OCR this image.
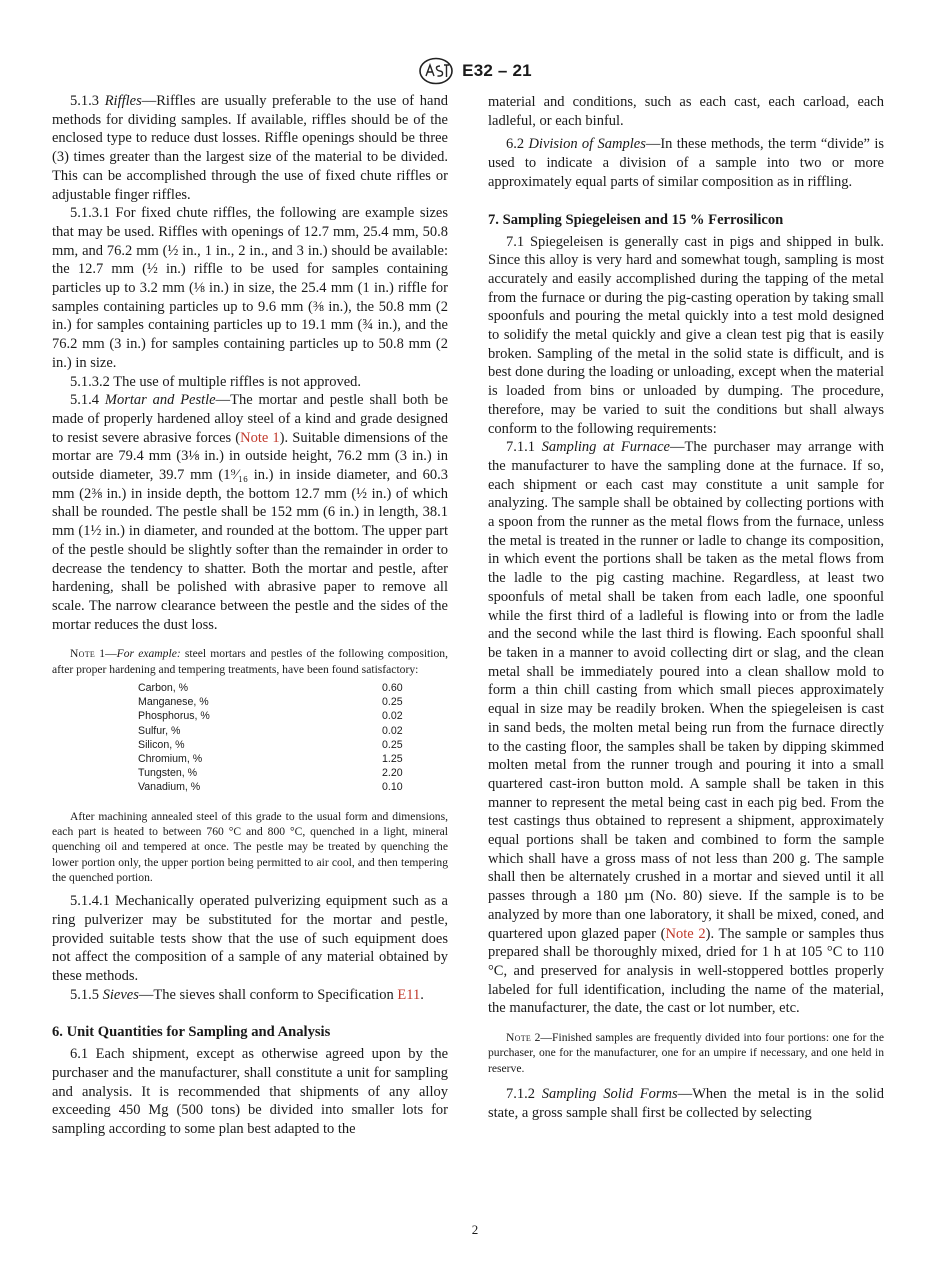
E32 – 21

5.1.3 Riffles—Riffles are usually preferable to the use of hand methods for dividing samples. If available, riffles should be of the enclosed type to reduce dust losses. Riffle openings should be three (3) times greater than the largest size of the material to be divided. This can be accomplished through the use of fixed chute riffles or adjustable finger riffles.

5.1.3.1 For fixed chute riffles, the following are example sizes that may be used. Riffles with openings of 12.7 mm, 25.4 mm, 50.8 mm, and 76.2 mm (½ in., 1 in., 2 in., and 3 in.) should be available: the 12.7 mm (½ in.) riffle to be used for samples containing particles up to 3.2 mm (⅛ in.) in size, the 25.4 mm (1 in.) riffle for samples containing particles up to 9.6 mm (⅜ in.), the 50.8 mm (2 in.) for samples containing particles up to 19.1 mm (¾ in.), and the 76.2 mm (3 in.) for samples containing particles up to 50.8 mm (2 in.) in size.

5.1.3.2 The use of multiple riffles is not approved.

5.1.4 Mortar and Pestle—The mortar and pestle shall both be made of properly hardened alloy steel of a kind and grade designed to resist severe abrasive forces (Note 1). Suitable dimensions of the mortar are 79.4 mm (3⅛ in.) in outside height, 76.2 mm (3 in.) in outside diameter, 39.7 mm (1⁹⁄₁₆ in.) in inside diameter, and 60.3 mm (2⅜ in.) in inside depth, the bottom 12.7 mm (½ in.) of which shall be rounded. The pestle shall be 152 mm (6 in.) in length, 38.1 mm (1½ in.) in diameter, and rounded at the bottom. The upper part of the pestle should be slightly softer than the remainder in order to decrease the tendency to shatter. Both the mortar and pestle, after hardening, shall be polished with abrasive paper to remove all scale. The narrow clearance between the pestle and the sides of the mortar reduces the dust loss.

Note 1—For example: steel mortars and pestles of the following composition, after proper hardening and tempering treatments, have been found satisfactory:

Carbon, %	0.60
Manganese, %	0.25
Phosphorus, %	0.02
Sulfur, %	0.02
Silicon, %	0.25
Chromium, %	1.25
Tungsten, %	2.20
Vanadium, %	0.10

After machining annealed steel of this grade to the usual form and dimensions, each part is heated to between 760 °C and 800 °C, quenched in a light, mineral quenching oil and tempered at once. The pestle may be treated by quenching the lower portion only, the upper portion being permitted to air cool, and then tempering the quenched portion.

5.1.4.1 Mechanically operated pulverizing equipment such as a ring pulverizer may be substituted for the mortar and pestle, provided suitable tests show that the use of such equipment does not affect the composition of a sample of any material obtained by these methods.

5.1.5 Sieves—The sieves shall conform to Specification E11.

6. Unit Quantities for Sampling and Analysis

6.1 Each shipment, except as otherwise agreed upon by the purchaser and the manufacturer, shall constitute a unit for sampling and analysis. It is recommended that shipments of any alloy exceeding 450 Mg (500 tons) be divided into smaller lots for sampling according to some plan best adapted to the

material and conditions, such as each cast, each carload, each ladleful, or each binful.

6.2 Division of Samples—In these methods, the term “divide” is used to indicate a division of a sample into two or more approximately equal parts of similar composition as in riffling.

7. Sampling Spiegeleisen and 15 % Ferrosilicon

7.1 Spiegeleisen is generally cast in pigs and shipped in bulk. Since this alloy is very hard and somewhat tough, sampling is most accurately and easily accomplished during the tapping of the metal from the furnace or during the pig-casting operation by taking small spoonfuls and pouring the metal quickly into a test mold designed to solidify the metal quickly and give a clean test pig that is easily broken. Sampling of the metal in the solid state is difficult, and is best done during the loading or unloading, except when the material is loaded from bins or unloaded by dumping. The procedure, therefore, may be varied to suit the conditions but shall always conform to the following requirements:

7.1.1 Sampling at Furnace—The purchaser may arrange with the manufacturer to have the sampling done at the furnace. If so, each shipment or each cast may constitute a unit sample for analyzing. The sample shall be obtained by collecting portions with a spoon from the runner as the metal flows from the furnace, unless the metal is treated in the runner or ladle to change its composition, in which event the portions shall be taken as the metal flows from the ladle to the pig casting machine. Regardless, at least two spoonfuls of metal shall be taken from each ladle, one spoonful while the first third of a ladleful is flowing into or from the ladle and the second while the last third is flowing. Each spoonful shall be taken in a manner to avoid collecting dirt or slag, and the clean metal shall be immediately poured into a clean shallow mold to form a thin chill casting from which small pieces approximately equal in size may be readily broken. When the spiegeleisen is cast in sand beds, the molten metal being run from the furnace directly to the casting floor, the samples shall be taken by dipping skimmed molten metal from the runner trough and pouring it into a small quartered cast-iron button mold. A sample shall be taken in this manner to represent the metal being cast in each pig bed. From the test castings thus obtained to represent a shipment, approximately equal portions shall be taken and combined to form the sample which shall have a gross mass of not less than 200 g. The sample shall then be alternately crushed in a mortar and sieved until it all passes through a 180 µm (No. 80) sieve. If the sample is to be analyzed by more than one laboratory, it shall be mixed, coned, and quartered upon glazed paper (Note 2). The sample or samples thus prepared shall be thoroughly mixed, dried for 1 h at 105 °C to 110 °C, and preserved for analysis in well-stoppered bottles properly labeled for full identification, including the name of the material, the manufacturer, the date, the cast or lot number, etc.

Note 2—Finished samples are frequently divided into four portions: one for the purchaser, one for the manufacturer, one for an umpire if necessary, and one held in reserve.

7.1.2 Sampling Solid Forms—When the metal is in the solid state, a gross sample shall first be collected by selecting

2
